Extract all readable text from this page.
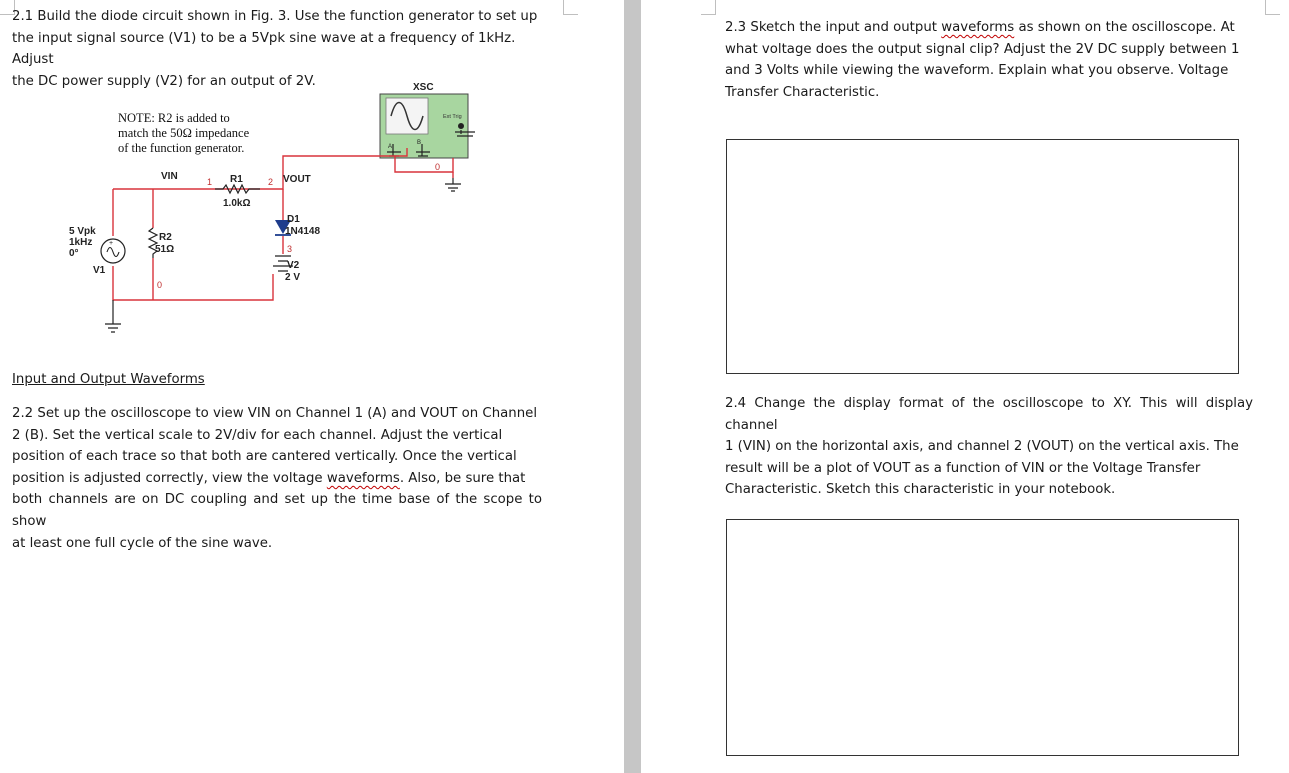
2.1 Build the diode circuit shown in Fig. 3. Use the function generator to set up
the input signal source (V1) to be a 5Vpk sine wave at a frequency of 1kHz. Adjust
the DC power supply (V2) for an output of 2V.
NOTE: R2 is added to
match the 50Ω impedance
of the function generator.
XSC
Ext Trig
A
B
VIN	VOUT
1	2
0
R1
1.0kΩ
D1
1N4148
3
V2
2 V
R2
51Ω
0
+
5 Vpk
1kHz
0°
V1
Input and Output Waveforms
2.2 Set up the oscilloscope to view VIN on Channel 1 (A) and VOUT on Channel
2 (B). Set the vertical scale to 2V/div for each channel. Adjust the vertical
position of each trace so that both are cantered vertically. Once the vertical
position is adjusted correctly, view the voltage waveforms. Also, be sure that
both channels are on DC coupling and set up the time base of the scope to show
at least one full cycle of the sine wave.
2.3 Sketch the input and output waveforms as shown on the oscilloscope. At
what voltage does the output signal clip? Adjust the 2V DC supply between 1
and 3 Volts while viewing the waveform. Explain what you observe. Voltage
Transfer Characteristic.
2.4 Change the display format of the oscilloscope to XY. This will display channel
1 (VIN) on the horizontal axis, and channel 2 (VOUT) on the vertical axis. The
result will be a plot of VOUT as a function of VIN or the Voltage Transfer
Characteristic. Sketch this characteristic in your notebook.
